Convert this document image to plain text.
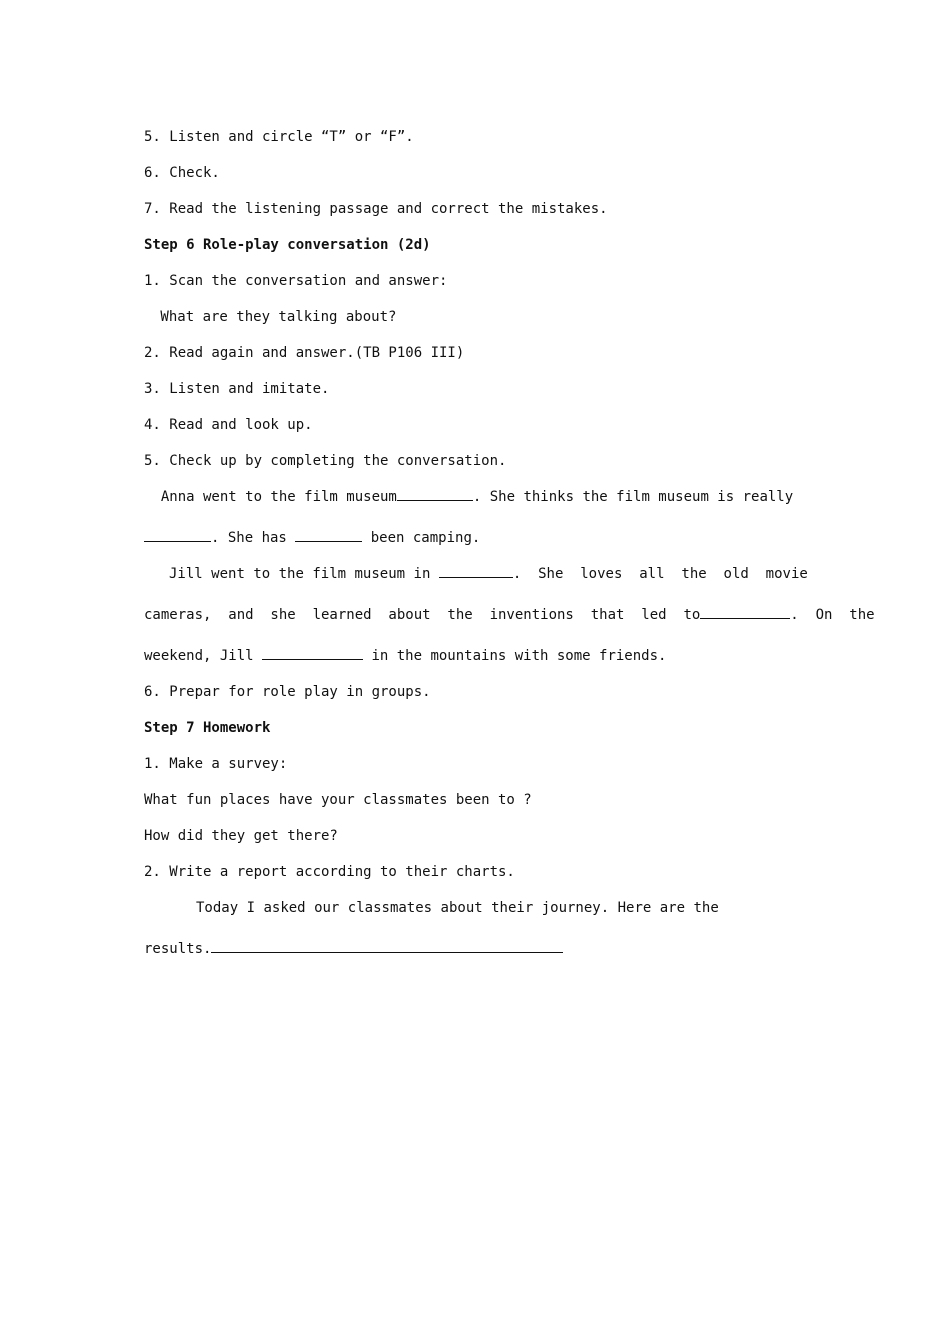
5. Listen and circle “T” or “F”.
6. Check.
7. Read the listening passage and correct the mistakes.
Step 6 Role-play conversation (2d)
1. Scan the conversation and answer:
What are they talking about?
2. Read again and answer.(TB P106 III)
3. Listen and imitate.
4. Read and look up.
5. Check up by completing the conversation.
Anna went to the film museum	. She thinks the film museum is really
. She has	been camping.
Jill went to the film museum in	.  She  loves  all  the  old  movie
cameras,  and  she  learned  about  the  inventions  that  led  to	.  On  the
weekend, Jill	in the mountains with some friends.
6. Prepar for role play in groups.
Step 7 Homework
1. Make a survey:
What fun places have your classmates been to ?
How did they get there?
2. Write a report according to their charts.
Today I asked our classmates about their journey. Here are the
results.
